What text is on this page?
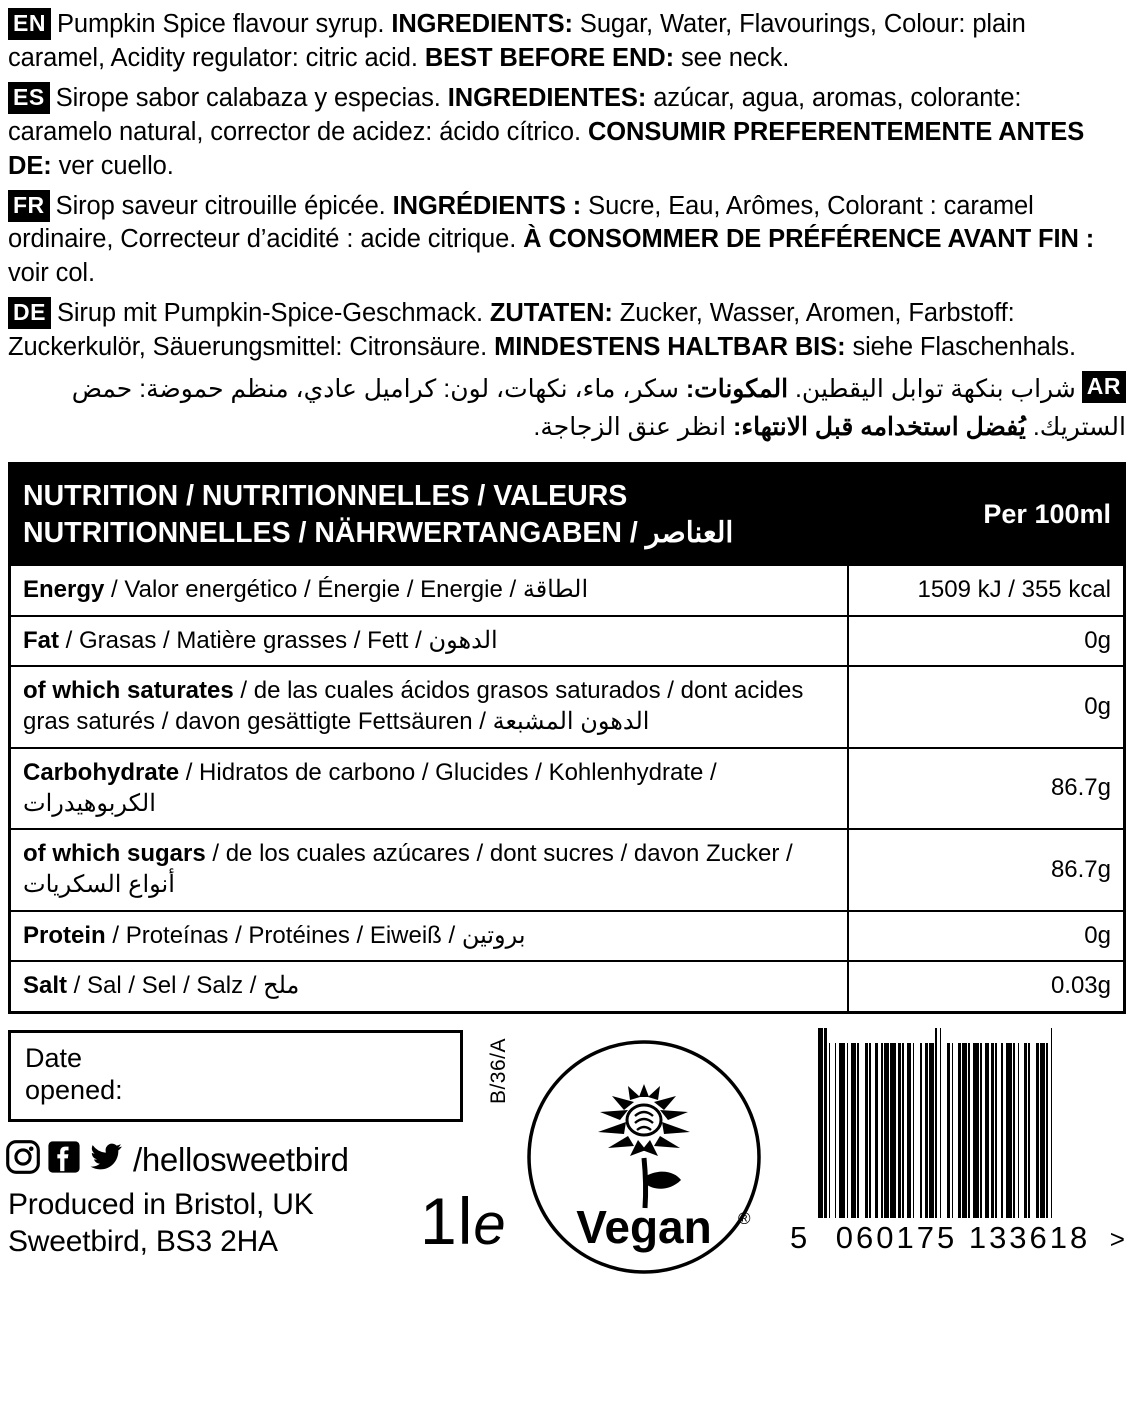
EN Pumpkin Spice flavour syrup. INGREDIENTS: Sugar, Water, Flavourings, Colour: plain caramel, Acidity regulator: citric acid. BEST BEFORE END: see neck.
ES Sirope sabor calabaza y especias. INGREDIENTES: azúcar, agua, aromas, colorante: caramelo natural, corrector de acidez: ácido cítrico. CONSUMIR PREFERENTEMENTE ANTES DE: ver cuello.
FR Sirop saveur citrouille épicée. INGRÉDIENTS : Sucre, Eau, Arômes, Colorant : caramel ordinaire, Correcteur d’acidité : acide citrique. À CONSOMMER DE PRÉFÉRENCE AVANT FIN : voir col.
DE Sirup mit Pumpkin-Spice-Geschmack. ZUTATEN: Zucker, Wasser, Aromen, Farbstoff: Zuckerkulör, Säuerungsmittel: Citronsäure. MINDESTENS HALTBAR BIS: siehe Flaschenhals.
ARشراب بنكهة توابل اليقطين. المكونات: سكر، ماء، نكهات، لون: كراميل عادي، منظم حموضة: حمض الستريك. يُفضل استخدامه قبل الانتهاء: انظر عنق الزجاجة.
NUTRITION / NUTRITIONNELLES / VALEURS NUTRITIONNELLES / NÄHRWERTANGABEN / العناصر	Per 100ml
Energy / Valor energético / Énergie / Energie / الطاقة	1509 kJ / 355 kcal
Fat / Grasas / Matière grasses / Fett / الدهون	0g
of which saturates / de las cuales ácidos grasos saturados / dont acides gras saturés / davon gesättigte Fettsäuren / الدهون المشبعة	0g
Carbohydrate / Hidratos de carbono / Glucides / Kohlenhydrate / الكربوهيدرات	86.7g
of which sugars / de los cuales azúcares / dont sucres / davon Zucker / أنواع السكريات	86.7g
Protein / Proteínas / Protéines / Eiweiß / بروتين	0g
Salt / Sal / Sel / Salz / ملح	0.03g
Date
opened:	B/36/A
/hellosweetbird
Produced in Bristol, UK
Sweetbird, BS3 2HA	1le Vegan ®
5 060175 133618 >
